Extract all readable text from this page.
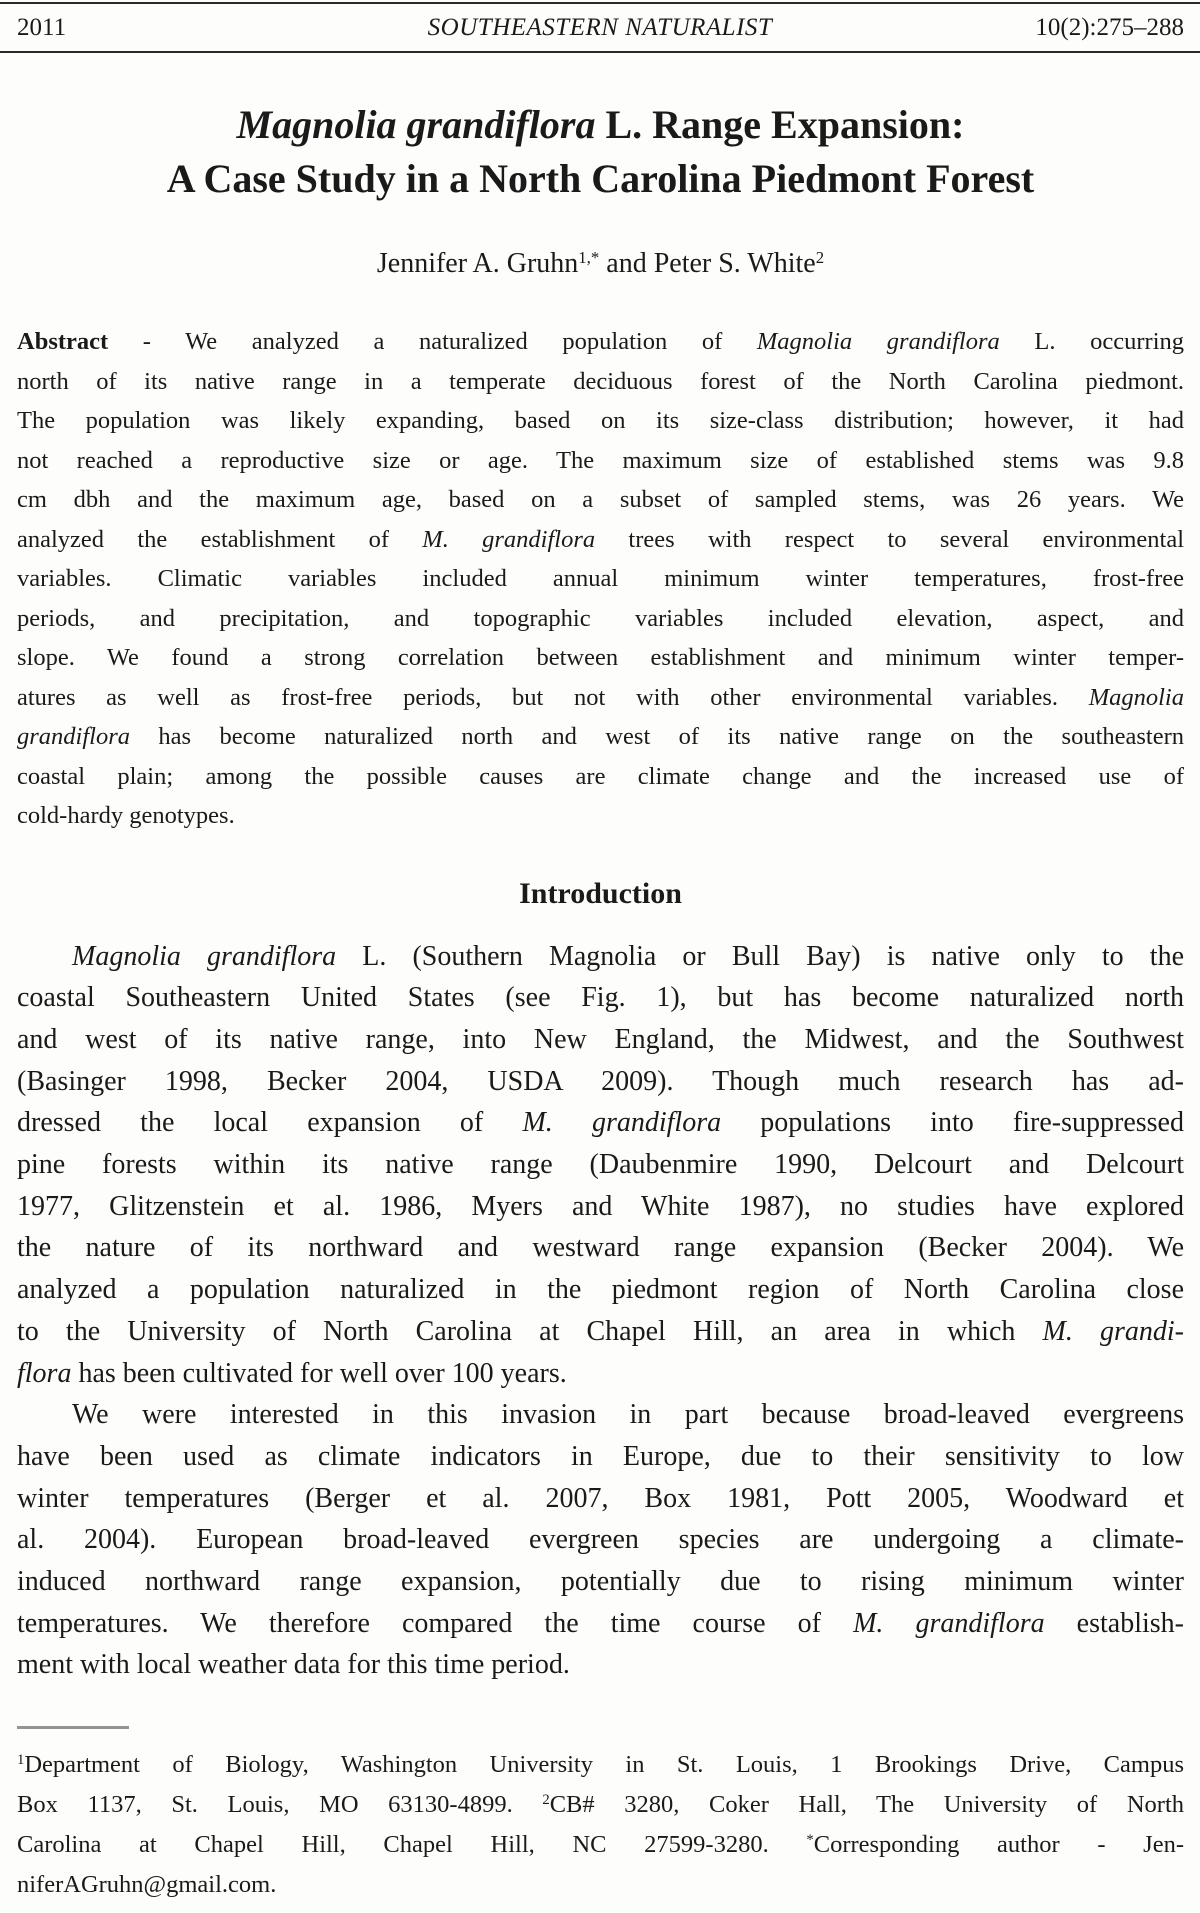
2011	SOUTHEASTERN NATURALIST	10(2):275–288
Magnolia grandiflora L. Range Expansion:
A Case Study in a North Carolina Piedmont Forest
Jennifer A. Gruhn$^{1,*}$ and Peter S. White$^2$
Abstract - We analyzed a naturalized population of Magnolia grandiflora L. occurring
north of its native range in a temperate deciduous forest of the North Carolina piedmont.
The population was likely expanding, based on its size-class distribution; however, it had
not reached a reproductive size or age. The maximum size of established stems was 9.8
cm dbh and the maximum age, based on a subset of sampled stems, was 26 years. We
analyzed the establishment of M. grandiflora trees with respect to several environmental
variables. Climatic variables included annual minimum winter temperatures, frost-free
periods, and precipitation, and topographic variables included elevation, aspect, and
slope. We found a strong correlation between establishment and minimum winter temper-
atures as well as frost-free periods, but not with other environmental variables. Magnolia
grandiflora has become naturalized north and west of its native range on the southeastern
coastal plain; among the possible causes are climate change and the increased use of
cold-hardy genotypes.
Introduction
Magnolia grandiflora L. (Southern Magnolia or Bull Bay) is native only to the
coastal Southeastern United States (see Fig. 1), but has become naturalized north
and west of its native range, into New England, the Midwest, and the Southwest
(Basinger 1998, Becker 2004, USDA 2009). Though much research has ad-
dressed the local expansion of M. grandiflora populations into fire-suppressed
pine forests within its native range (Daubenmire 1990, Delcourt and Delcourt
1977, Glitzenstein et al. 1986, Myers and White 1987), no studies have explored
the nature of its northward and westward range expansion (Becker 2004). We
analyzed a population naturalized in the piedmont region of North Carolina close
to the University of North Carolina at Chapel Hill, an area in which M. grandi-
flora has been cultivated for well over 100 years.
We were interested in this invasion in part because broad-leaved evergreens
have been used as climate indicators in Europe, due to their sensitivity to low
winter temperatures (Berger et al. 2007, Box 1981, Pott 2005, Woodward et
al. 2004). European broad-leaved evergreen species are undergoing a climate-
induced northward range expansion, potentially due to rising minimum winter
temperatures. We therefore compared the time course of M. grandiflora establish-
ment with local weather data for this time period.
$^1$Department of Biology, Washington University in St. Louis, 1 Brookings Drive, Campus
Box 1137, St. Louis, MO 63130-4899. $^2$CB# 3280, Coker Hall, The University of North
Carolina at Chapel Hill, Chapel Hill, NC 27599-3280. *Corresponding author - Jen-
niferAGruhn@gmail.com.
